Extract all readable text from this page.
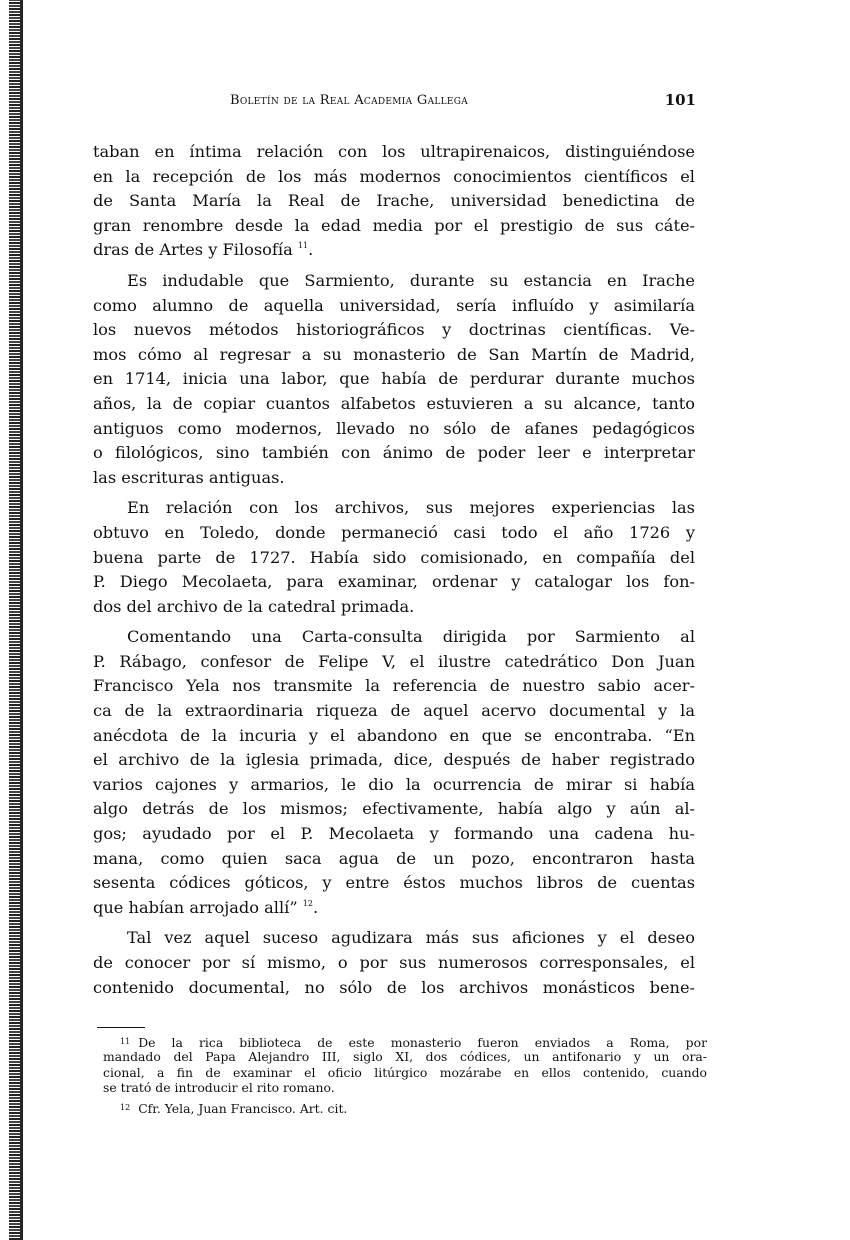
Boletín de la Real Academia Gallega	101
taban en íntima relación con los ultrapirenaicos, distinguiéndose
en la recepción de los más modernos conocimientos científicos el
de Santa María la Real de Irache, universidad benedictina de
gran renombre desde la edad media por el prestigio de sus cáte-
dras de Artes y Filosofía $^{11}$.
Es indudable que Sarmiento, durante su estancia en Irache
como alumno de aquella universidad, sería influído y asimilaría
los nuevos métodos historiográficos y doctrinas científicas. Ve-
mos cómo al regresar a su monasterio de San Martín de Madrid,
en 1714, inicia una labor, que había de perdurar durante muchos
años, la de copiar cuantos alfabetos estuvieren a su alcance, tanto
antiguos como modernos, llevado no sólo de afanes pedagógicos
o filológicos, sino también con ánimo de poder leer e interpretar
las escrituras antiguas.
En relación con los archivos, sus mejores experiencias las
obtuvo en Toledo, donde permaneció casi todo el año 1726 y
buena parte de 1727. Había sido comisionado, en compañía del
P. Diego Mecolaeta, para examinar, ordenar y catalogar los fon-
dos del archivo de la catedral primada.
Comentando una Carta-consulta dirigida por Sarmiento al
P. Rábago, confesor de Felipe V, el ilustre catedrático Don Juan
Francisco Yela nos transmite la referencia de nuestro sabio acer-
ca de la extraordinaria riqueza de aquel acervo documental y la
anécdota de la incuria y el abandono en que se encontraba. “En
el archivo de la iglesia primada, dice, después de haber registrado
varios cajones y armarios, le dio la ocurrencia de mirar si había
algo detrás de los mismos; efectivamente, había algo y aún al-
gos; ayudado por el P. Mecolaeta y formando una cadena hu-
mana, como quien saca agua de un pozo, encontraron hasta
sesenta códices góticos, y entre éstos muchos libros de cuentas
que habían arrojado allí” $^{12}$.
Tal vez aquel suceso agudizara más sus aficiones y el deseo
de conocer por sí mismo, o por sus numerosos corresponsales, el
contenido documental, no sólo de los archivos monásticos bene-
$^{11}$ De la rica biblioteca de este monasterio fueron enviados a Roma, por
mandado del Papa Alejandro III, siglo XI, dos códices, un antifonario y un ora-
cional, a fin de examinar el oficio litúrgico mozárabe en ellos contenido, cuando
se trató de introducir el rito romano.
$^{12}$ Cfr. Yela, Juan Francisco. Art. cit.
